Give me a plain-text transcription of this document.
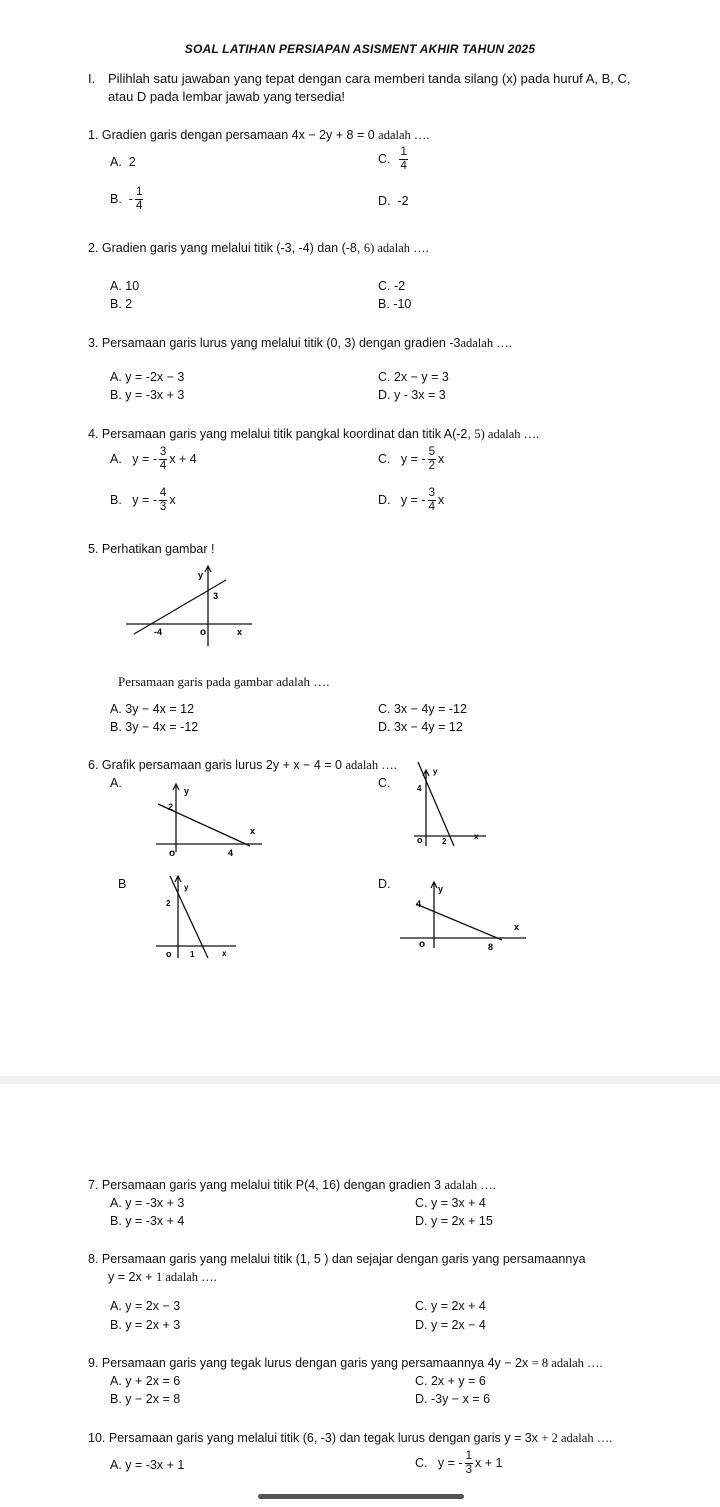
SOAL LATIHAN PERSIAPAN ASISMENT AKHIR TAHUN 2025
I. Pilihlah satu jawaban yang tepat dengan cara memberi tanda silang (x) pada huruf A, B, C,
atau D pada lembar jawab yang tersedia!
1. Gradien garis dengan persamaan 4x − 2y + 8 = 0 adalah ….
A. 2	C. $\frac{1}{4}$
B. - $\frac{1}{4}$	D. -2
2. Gradien garis yang melalui titik (-3, -4) dan (-8, 6) adalah ….
A. 10	C. -2
B. 2	B. -10
3. Persamaan garis lurus yang melalui titik (0, 3) dengan gradien -3adalah ….
A. y = -2x − 3	C. 2x − y = 3
B. y = -3x + 3	D. y - 3x = 3
4. Persamaan garis yang melalui titik pangkal koordinat dan titik A(-2, 5) adalah ….
A. y = - $\frac{3}{4}$ x + 4	C. y = - $\frac{5}{2}$ x
B. y = - $\frac{4}{3}$ x	D. y = - $\frac{3}{4}$ x
5. Perhatikan gambar !
y
3
x
-4	o
Persamaan garis pada gambar adalah ….
A. 3y − 4x = 12	C. 3x − 4y = -12
B. 3y − 4x = -12	D. 3x − 4y = 12
6. Grafik persamaan garis lurus 2y + x − 4 = 0 adalah ….
A.	C.
B	D.
y
2
x
o	4
y
4
x
o 2
y
2
x
o 1
y
4
x
o	8
7. Persamaan garis yang melalui titik P(4, 16) dengan gradien 3 adalah ….
A. y = -3x + 3	C. y = 3x + 4
B. y = -3x + 4	D. y = 2x + 15
8. Persamaan garis yang melalui titik (1, 5 ) dan sejajar dengan garis yang persamaannya
y = 2x + 1 adalah ….
A. y = 2x − 3	C. y = 2x + 4
B. y = 2x + 3	D. y = 2x − 4
9. Persamaan garis yang tegak lurus dengan garis yang persamaannya 4y − 2x = 8 adalah ….
A. y + 2x = 6	C. 2x + y = 6
B. y − 2x = 8	D. -3y − x = 6
10. Persamaan garis yang melalui titik (6, -3) dan tegak lurus dengan garis y = 3x + 2 adalah ….
A. y = -3x + 1	C. y = - $\frac{1}{3}$ x + 1
